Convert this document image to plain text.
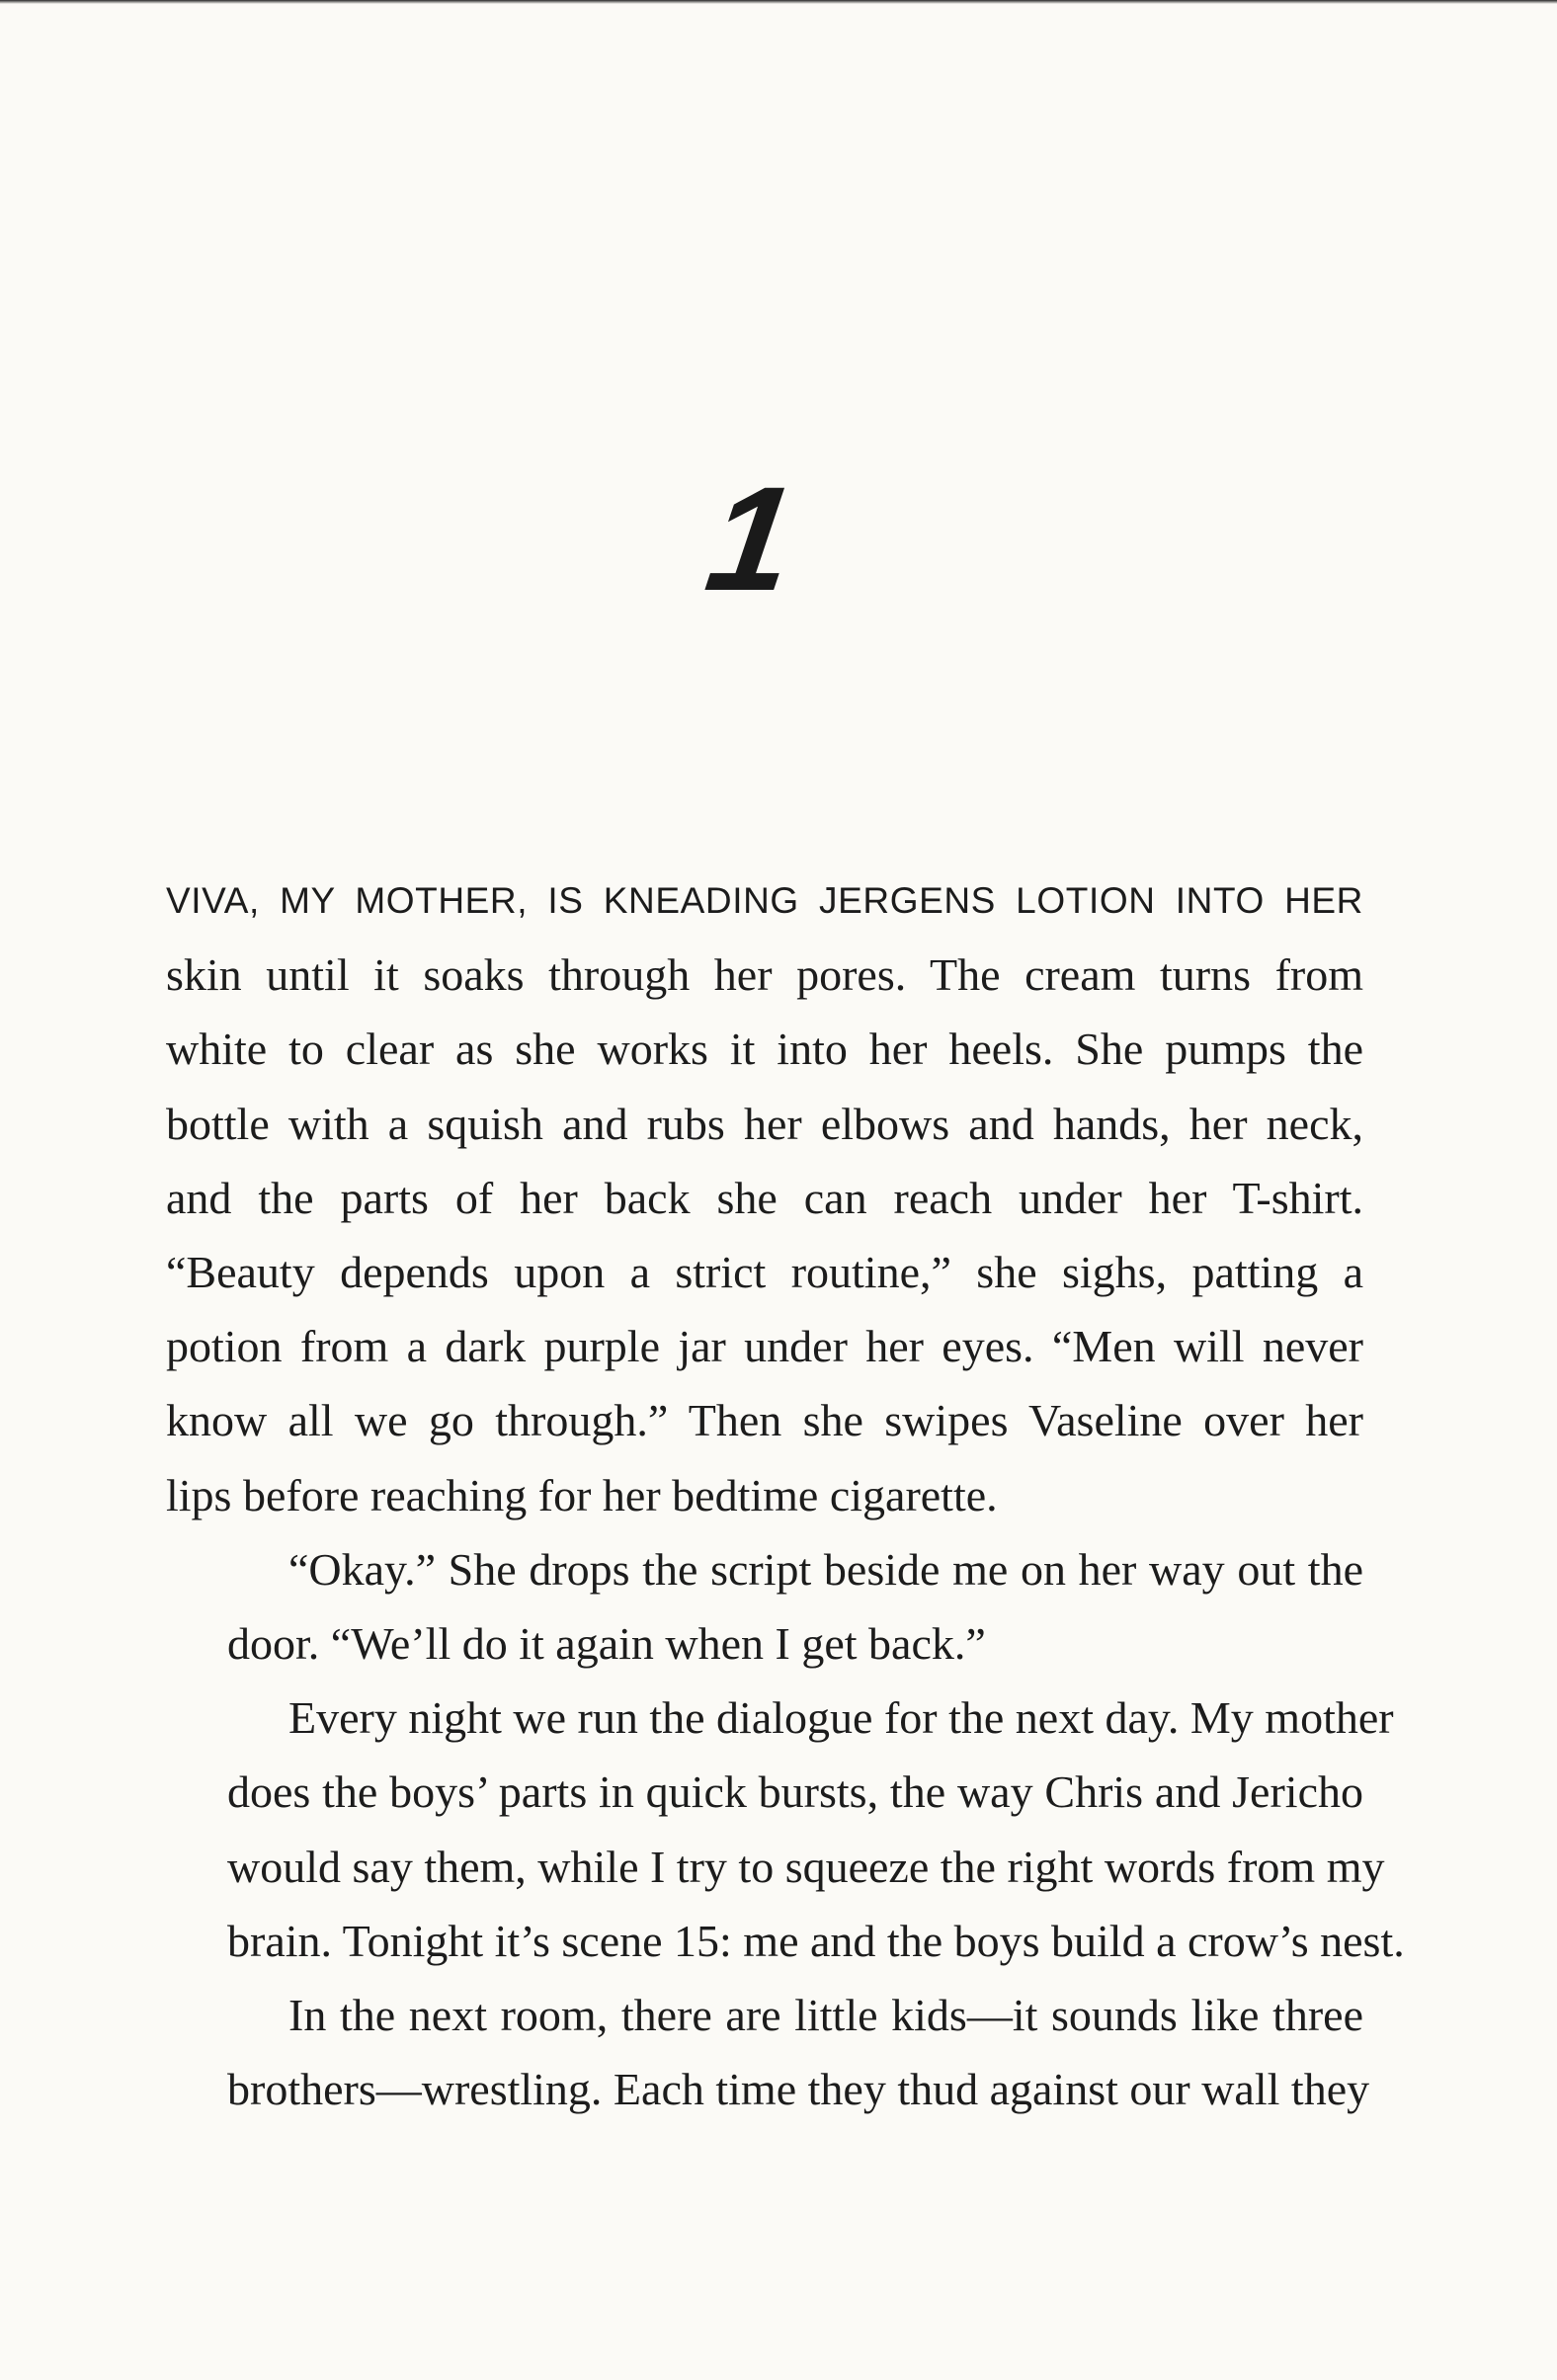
1

VIVA, MY MOTHER, IS KNEADING JERGENS LOTION INTO HER
skin until it soaks through her pores. The cream turns from
white to clear as she works it into her heels. She pumps the
bottle with a squish and rubs her elbows and hands, her neck,
and the parts of her back she can reach under her T-shirt.
“Beauty depends upon a strict routine,” she sighs, patting a
potion from a dark purple jar under her eyes. “Men will never
know all we go through.” Then she swipes Vaseline over her
lips before reaching for her bedtime cigarette.

“Okay.” She drops the script beside me on her way out the
door. “We’ll do it again when I get back.”

Every night we run the dialogue for the next day. My mother
does the boys’ parts in quick bursts, the way Chris and Jericho
would say them, while I try to squeeze the right words from my
brain. Tonight it’s scene 15: me and the boys build a crow’s nest.

In the next room, there are little kids—it sounds like three
brothers—wrestling. Each time they thud against our wall they
